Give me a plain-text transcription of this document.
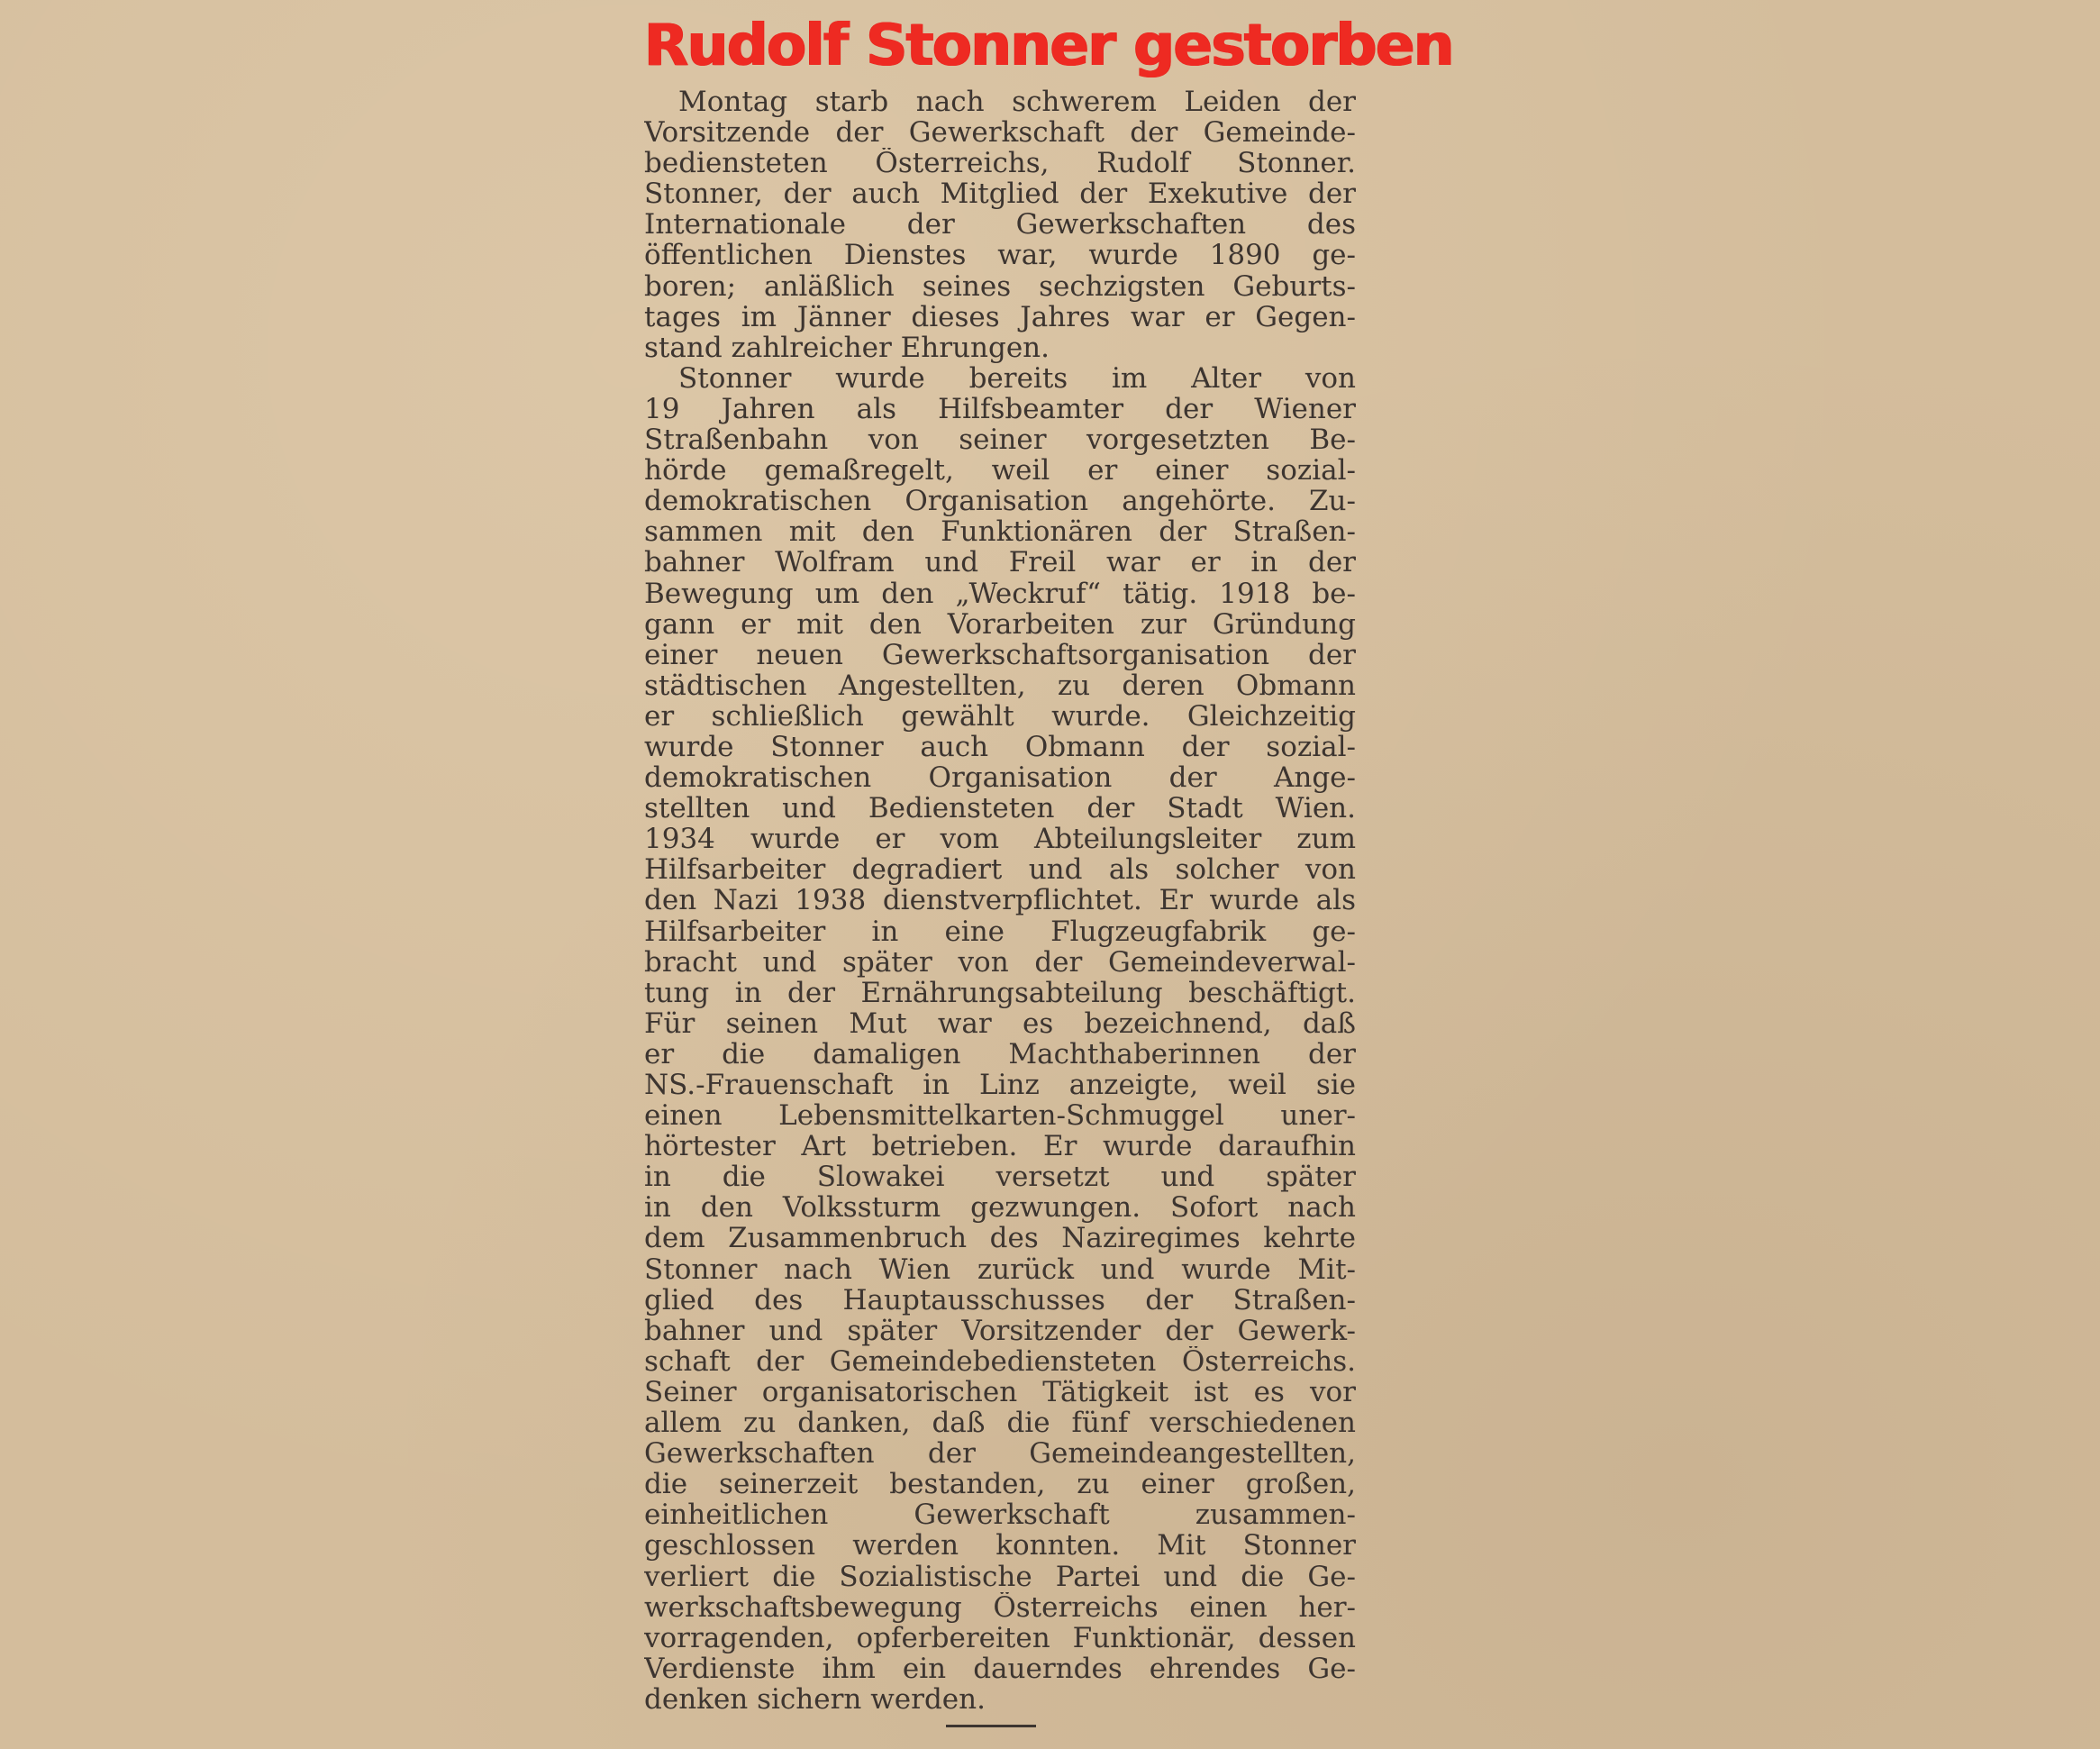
Rudolf Stonner gestorben
Montag starb nach schwerem Leiden der
Vorsitzende der Gewerkschaft der Gemeinde-
bediensteten Österreichs, Rudolf Stonner.
Stonner, der auch Mitglied der Exekutive der
Internationale der Gewerkschaften des
öffentlichen Dienstes war, wurde 1890 ge-
boren; anläßlich seines sechzigsten Geburts-
tages im Jänner dieses Jahres war er Gegen-
stand zahlreicher Ehrungen.
Stonner wurde bereits im Alter von
19 Jahren als Hilfsbeamter der Wiener
Straßenbahn von seiner vorgesetzten Be-
hörde gemaßregelt, weil er einer sozial-
demokratischen Organisation angehörte. Zu-
sammen mit den Funktionären der Straßen-
bahner Wolfram und Freil war er in der
Bewegung um den „Weckruf“ tätig. 1918 be-
gann er mit den Vorarbeiten zur Gründung
einer neuen Gewerkschaftsorganisation der
städtischen Angestellten, zu deren Obmann
er schließlich gewählt wurde. Gleichzeitig
wurde Stonner auch Obmann der sozial-
demokratischen Organisation der Ange-
stellten und Bediensteten der Stadt Wien.
1934 wurde er vom Abteilungsleiter zum
Hilfsarbeiter degradiert und als solcher von
den Nazi 1938 dienstverpflichtet. Er wurde als
Hilfsarbeiter in eine Flugzeugfabrik ge-
bracht und später von der Gemeindeverwal-
tung in der Ernährungsabteilung beschäftigt.
Für seinen Mut war es bezeichnend, daß
er die damaligen Machthaberinnen der
NS.-Frauenschaft in Linz anzeigte, weil sie
einen Lebensmittelkarten-Schmuggel uner-
hörtester Art betrieben. Er wurde daraufhin
in die Slowakei versetzt und später
in den Volkssturm gezwungen. Sofort nach
dem Zusammenbruch des Naziregimes kehrte
Stonner nach Wien zurück und wurde Mit-
glied des Hauptausschusses der Straßen-
bahner und später Vorsitzender der Gewerk-
schaft der Gemeindebediensteten Österreichs.
Seiner organisatorischen Tätigkeit ist es vor
allem zu danken, daß die fünf verschiedenen
Gewerkschaften der Gemeindeangestellten,
die seinerzeit bestanden, zu einer großen,
einheitlichen Gewerkschaft zusammen-
geschlossen werden konnten. Mit Stonner
verliert die Sozialistische Partei und die Ge-
werkschaftsbewegung Österreichs einen her-
vorragenden, opferbereiten Funktionär, dessen
Verdienste ihm ein dauerndes ehrendes Ge-
denken sichern werden.
